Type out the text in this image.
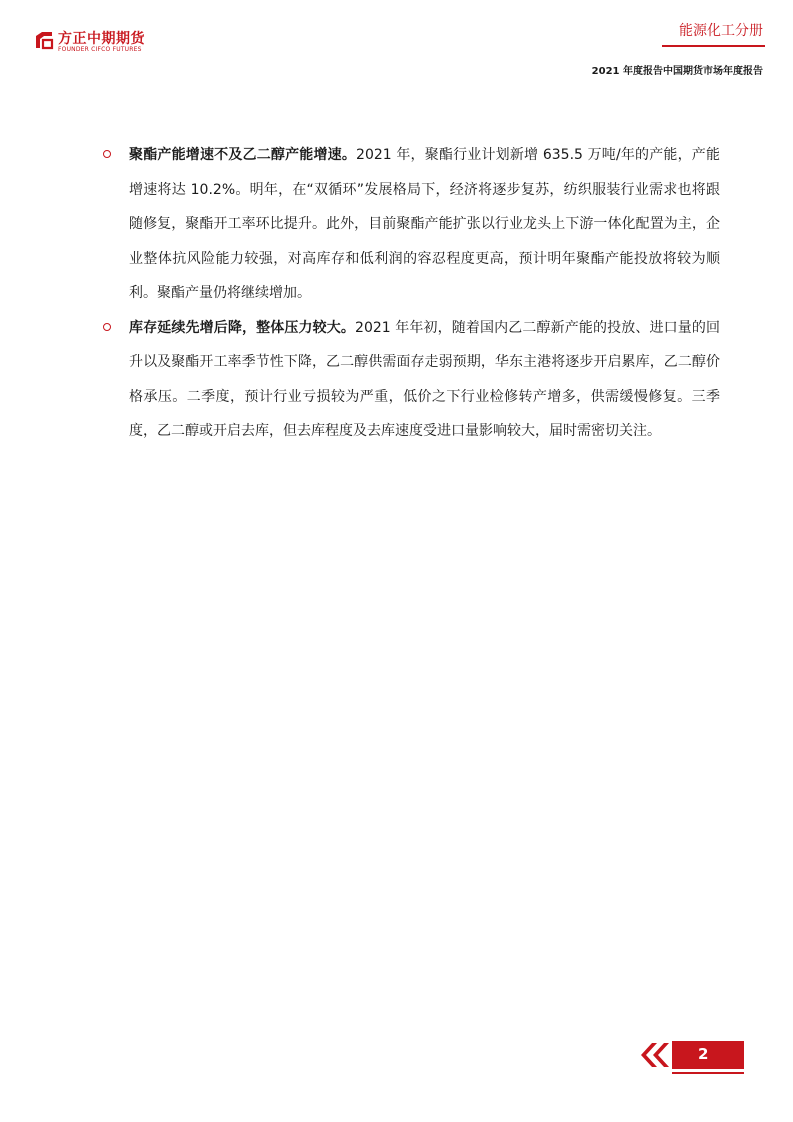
方正中期期货
FOUNDER CIFCO FUTURES
能源化工分册
2021 年度报告中国期货市场年度报告
聚酯产能增速不及乙二醇产能增速。2021 年，聚酯行业计划新增 635.5 万吨/年的产能，产能增速将达 10.2%。明年，在“双循环”发展格局下，经济将逐步复苏，纺织服装行业需求也将跟随修复，聚酯开工率环比提升。此外，目前聚酯产能扩张以行业龙头上下游一体化配置为主，企业整体抗风险能力较强，对高库存和低利润的容忍程度更高，预计明年聚酯产能投放将较为顺利。聚酯产量仍将继续增加。
库存延续先增后降，整体压力较大。2021 年年初，随着国内乙二醇新产能的投放、进口量的回升以及聚酯开工率季节性下降，乙二醇供需面存走弱预期，华东主港将逐步开启累库，乙二醇价格承压。二季度，预计行业亏损较为严重，低价之下行业检修转产增多，供需缓慢修复。三季度，乙二醇或开启去库，但去库程度及去库速度受进口量影响较大，届时需密切关注。
2
